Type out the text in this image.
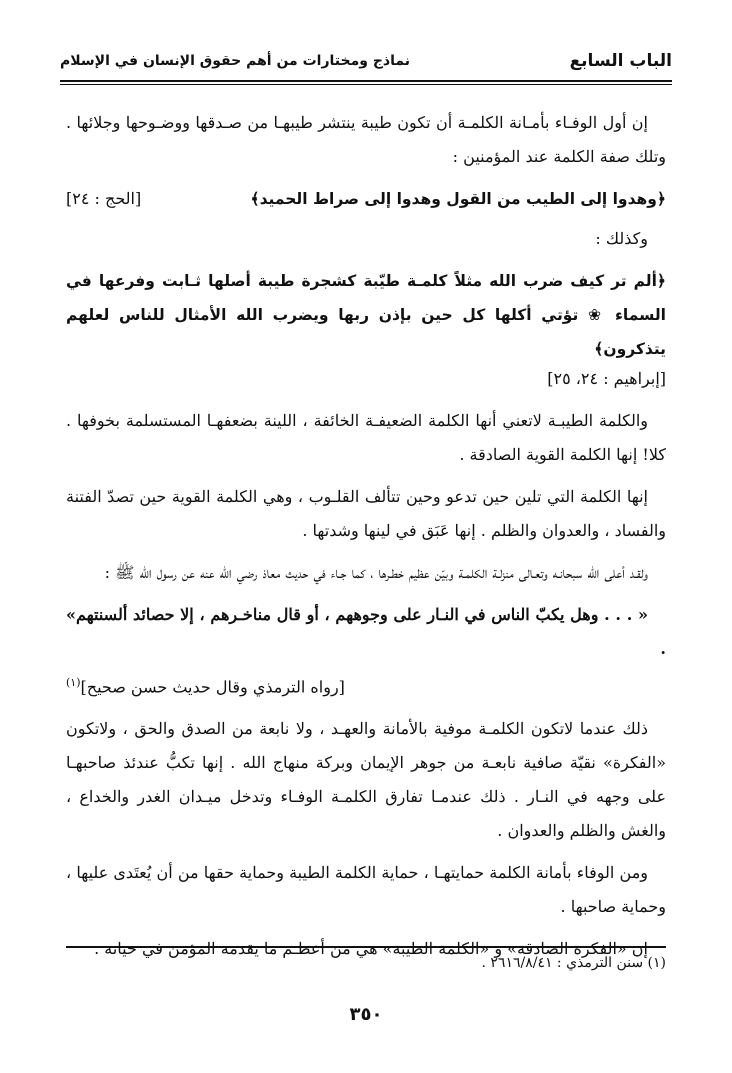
الباب السابع
نماذج ومختارات من أهم حقوق الإنسان في الإسلام

إن أول الوفـاء بأمـانة الكلمـة أن تكون طيبة ينتشر طيبهـا من صـدقها ووضـوحها وجلائها . وتلك صفة الكلمة عند المؤمنين :

﴿وهدوا إلى الطيب من القول وهدوا إلى صراط الحميد﴾
[الحج : ٢٤]

وكذلك :

﴿ألم تر كيف ضرب الله مثلاً كلمـة طيّبة كشجرة طيبة أصلها ثـابت وفرعها في السماء ❀ تؤتي أكلها كل حين بإذن ربها ويضرب الله الأمثال للناس لعلهم يتذكرون﴾

[إبراهيم : ٢٤، ٢٥]

والكلمة الطيبـة لاتعني أنها الكلمة الضعيفـة الخائفة ، اللينة بضعفهـا المستسلمة بخوفها . كلا! إنها الكلمة القوية الصادقة .

إنها الكلمة التي تلين حين تدعو وحين تتألف القلـوب ، وهي الكلمة القوية حين تصدّ الفتنة والفساد ، والعدوان والظلم . إنها عَبَق في لينها وشدتها .

ولقـد أعلى الله سبحانـه وتعـالى منزلـة الكلمـة وبيّن عظيم خطـرها ، كما جـاء في حديث معاذ رضي الله عنه عن رسول الله ﷺ :

« . . . وهل يكبّ الناس في النـار على وجوههم ، أو قال مناخـرهم ، إلا حصائد ألسنتهم» .

[رواه الترمذي وقال حديث حسن صحيح]$^{(١)}$

ذلك عندما لاتكون الكلمـة موفية بالأمانة والعهـد ، ولا نابعة من الصدق والحق ، ولاتكون «الفكرة» نقيّة صافية نابعـة من جوهر الإيمان وبركة منهاج الله . إنها تكبُّ عندئذ صاحبهـا على وجهه في النـار . ذلك عندمـا تفارق الكلمـة الوفـاء وتدخل ميـدان الغدر والخداع ، والغش والظلم والعدوان .

ومن الوفاء بأمانة الكلمة حمايتهـا ، حماية الكلمة الطيبة وحماية حقها من أن يُعتَدى عليها ، وحماية صاحبها .

إن «الفكرة الصادقة» و «الكلمة الطيبة» هي من أعظـم ما يقدمه المؤمن في حياته .

(١) سنن الترمذي : ٢٦١٦/٨/٤١ .
٣٥٠
